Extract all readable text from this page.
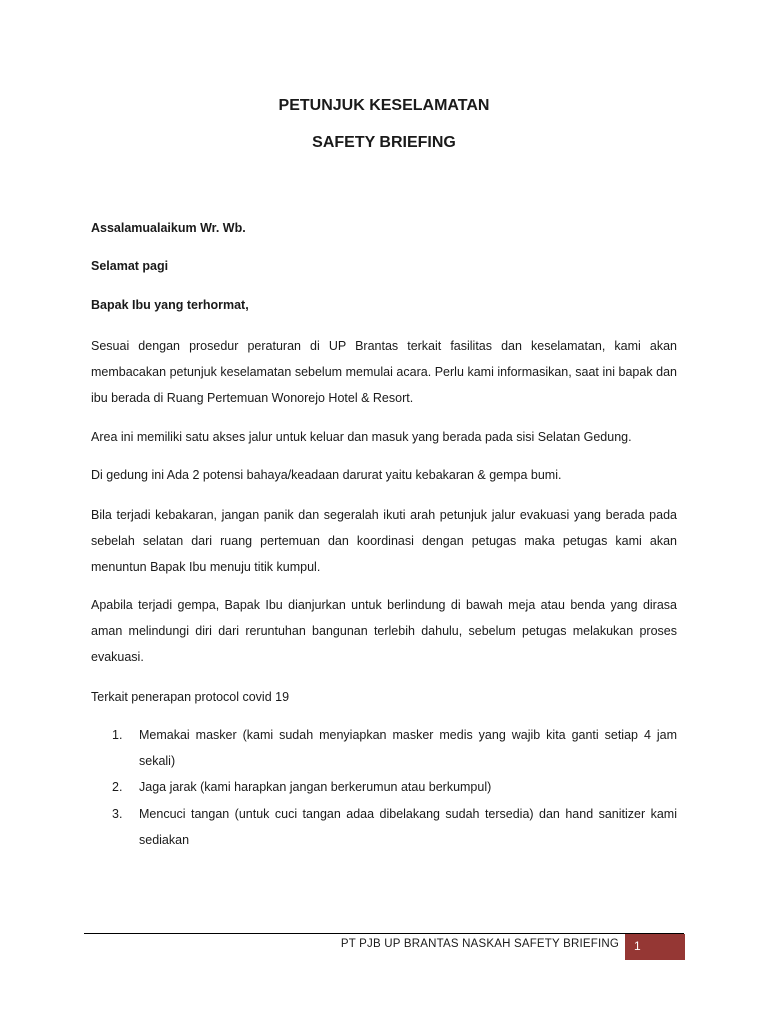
PETUNJUK KESELAMATAN
SAFETY BRIEFING

Assalamualaikum Wr. Wb.

Selamat pagi

Bapak Ibu yang terhormat,

Sesuai dengan prosedur peraturan di UP Brantas terkait fasilitas dan keselamatan, kami akan membacakan petunjuk keselamatan sebelum memulai acara. Perlu kami informasikan, saat ini bapak dan ibu berada di Ruang Pertemuan Wonorejo Hotel & Resort.

Area ini memiliki satu akses jalur untuk keluar dan masuk yang berada pada sisi Selatan Gedung.

Di gedung ini Ada 2 potensi bahaya/keadaan darurat yaitu kebakaran & gempa bumi.

Bila terjadi kebakaran, jangan panik dan segeralah ikuti arah petunjuk jalur evakuasi yang berada pada sebelah selatan dari ruang pertemuan dan koordinasi dengan petugas maka petugas kami akan menuntun Bapak Ibu menuju titik kumpul.

Apabila terjadi gempa, Bapak Ibu dianjurkan untuk berlindung di bawah meja atau benda yang dirasa aman melindungi diri dari reruntuhan bangunan terlebih dahulu, sebelum petugas melakukan proses evakuasi.

Terkait penerapan protocol covid 19

1. Memakai masker (kami sudah menyiapkan masker medis yang wajib kita ganti setiap 4 jam sekali)
2. Jaga jarak (kami harapkan jangan berkerumun atau berkumpul)
3. Mencuci tangan (untuk cuci tangan adaa dibelakang sudah tersedia) dan hand sanitizer kami sediakan
PT PJB UP BRANTAS NASKAH SAFETY BRIEFING 1
